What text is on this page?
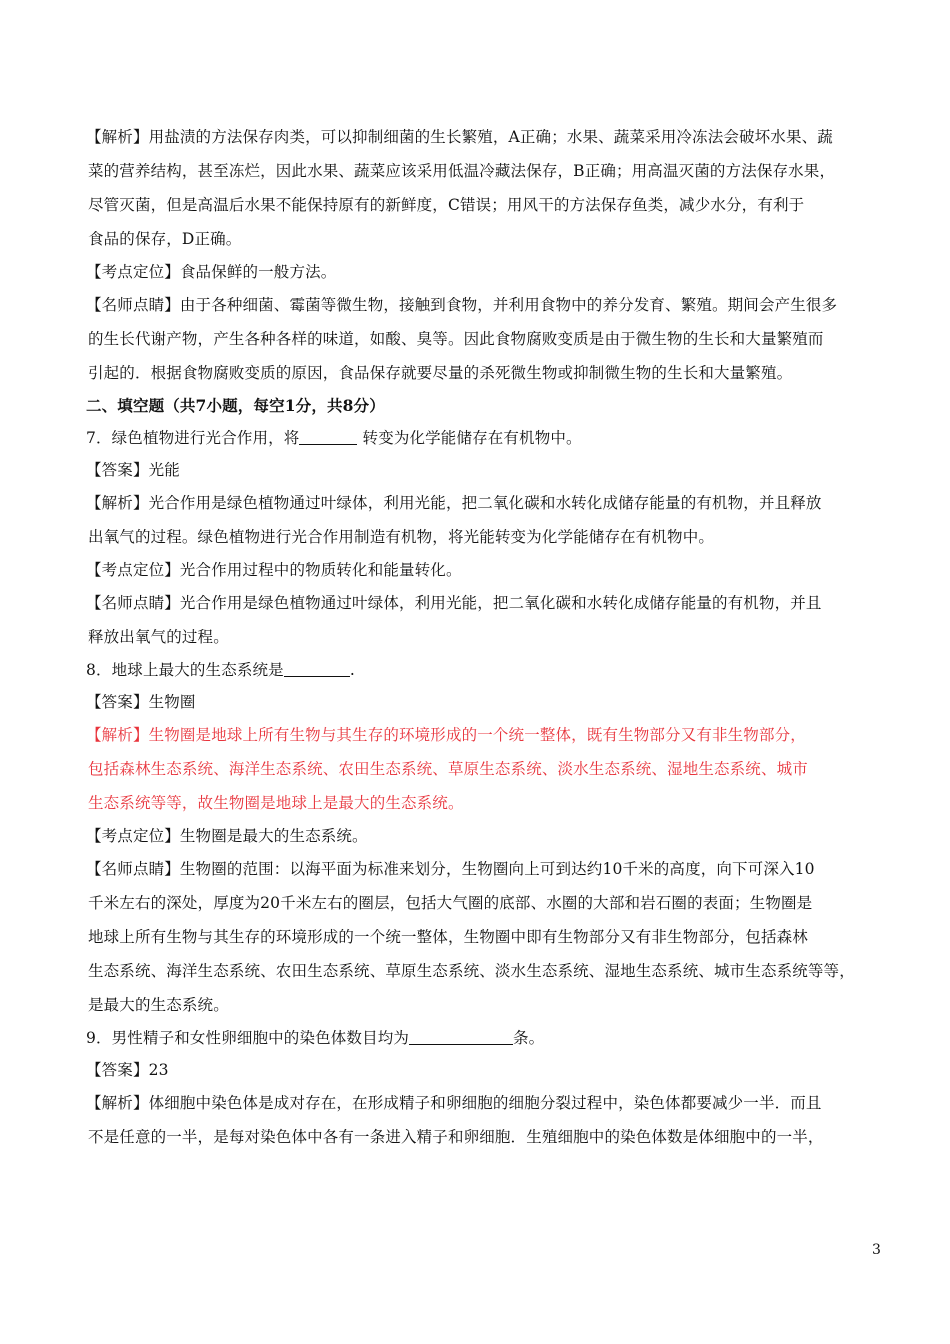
【解析】用盐渍的方法保存肉类，可以抑制细菌的生长繁殖，A正确；水果、蔬菜采用冷冻法会破坏水果、蔬
菜的营养结构，甚至冻烂，因此水果、蔬菜应该采用低温冷藏法保存，B正确；用高温灭菌的方法保存水果，
尽管灭菌，但是高温后水果不能保持原有的新鲜度，C错误；用风干的方法保存鱼类，减少水分，有利于
食品的保存，D正确。
【考点定位】食品保鲜的一般方法。
【名师点睛】由于各种细菌、霉菌等微生物，接触到食物，并利用食物中的养分发育、繁殖。期间会产生很多
的生长代谢产物，产生各种各样的味道，如酸、臭等。因此食物腐败变质是由于微生物的生长和大量繁殖而
引起的．根据食物腐败变质的原因，食品保存就要尽量的杀死微生物或抑制微生物的生长和大量繁殖。
二、填空题（共7小题，每空1分，共8分）
7．绿色植物进行光合作用，将	转变为化学能储存在有机物中。
【答案】光能
【解析】光合作用是绿色植物通过叶绿体，利用光能，把二氧化碳和水转化成储存能量的有机物，并且释放
出氧气的过程。绿色植物进行光合作用制造有机物，将光能转变为化学能储存在有机物中。
【考点定位】光合作用过程中的物质转化和能量转化。
【名师点睛】光合作用是绿色植物通过叶绿体，利用光能，把二氧化碳和水转化成储存能量的有机物，并且
释放出氧气的过程。
8．地球上最大的生态系统是	.
【答案】生物圈
【解析】生物圈是地球上所有生物与其生存的环境形成的一个统一整体，既有生物部分又有非生物部分，
包括森林生态系统、海洋生态系统、农田生态系统、草原生态系统、淡水生态系统、湿地生态系统、城市
生态系统等等，故生物圈是地球上是最大的生态系统。
【考点定位】生物圈是最大的生态系统。
【名师点睛】生物圈的范围：以海平面为标准来划分，生物圈向上可到达约10千米的高度，向下可深入10
千米左右的深处，厚度为20千米左右的圈层，包括大气圈的底部、水圈的大部和岩石圈的表面；生物圈是
地球上所有生物与其生存的环境形成的一个统一整体，生物圈中即有生物部分又有非生物部分，包括森林
生态系统、海洋生态系统、农田生态系统、草原生态系统、淡水生态系统、湿地生态系统、城市生态系统等等，
是最大的生态系统。
9．男性精子和女性卵细胞中的染色体数目均为	条。
【答案】23
【解析】体细胞中染色体是成对存在，在形成精子和卵细胞的细胞分裂过程中，染色体都要减少一半．而且
不是任意的一半，是每对染色体中各有一条进入精子和卵细胞．生殖细胞中的染色体数是体细胞中的一半，
3
